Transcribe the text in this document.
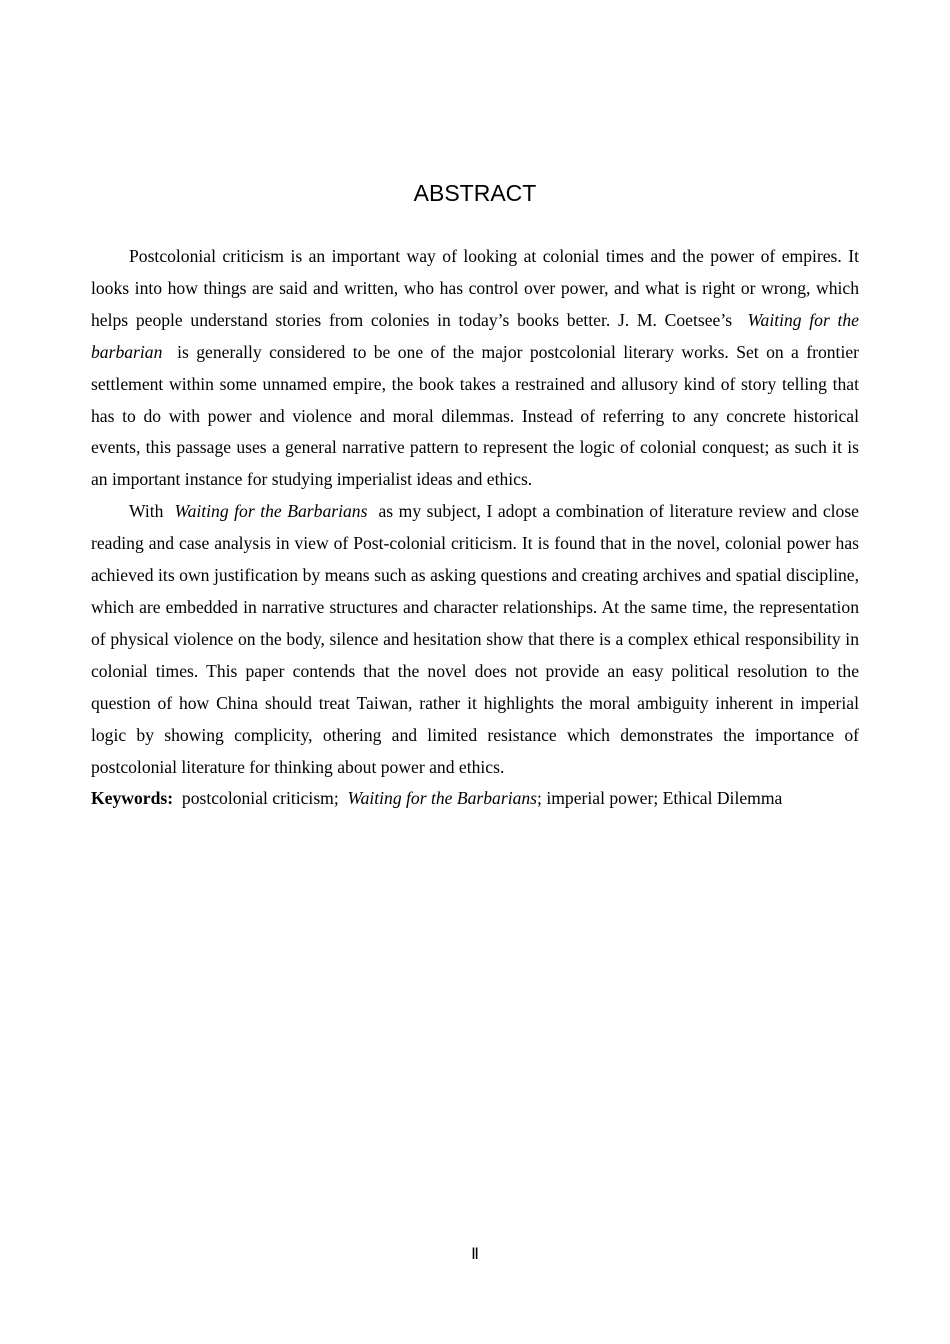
ABSTRACT

Postcolonial criticism is an important way of looking at colonial times and the power of empires. It looks into how things are said and written, who has control over power, and what is right or wrong, which helps people understand stories from colonies in today’s books better. J. M. Coetsee’s  Waiting for the barbarian  is generally considered to be one of the major postcolonial literary works. Set on a frontier settlement within some unnamed empire, the book takes a restrained and allusory kind of story telling that has to do with power and violence and moral dilemmas. Instead of referring to any concrete historical events, this passage uses a general narrative pattern to represent the logic of colonial conquest; as such it is an important instance for studying imperialist ideas and ethics.

With  Waiting for the Barbarians  as my subject, I adopt a combination of literature review and close reading and case analysis in view of Post-colonial criticism. It is found that in the novel, colonial power has achieved its own justification by means such as asking questions and creating archives and spatial discipline, which are embedded in narrative structures and character relationships. At the same time, the representation of physical violence on the body, silence and hesitation show that there is a complex ethical responsibility in colonial times. This paper contends that the novel does not provide an easy political resolution to the question of how China should treat Taiwan, rather it highlights the moral ambiguity inherent in imperial logic by showing complicity, othering and limited resistance which demonstrates the importance of postcolonial literature for thinking about power and ethics.

Keywords: postcolonial criticism; Waiting for the Barbarians; imperial power; Ethical Dilemma

Ⅱ
